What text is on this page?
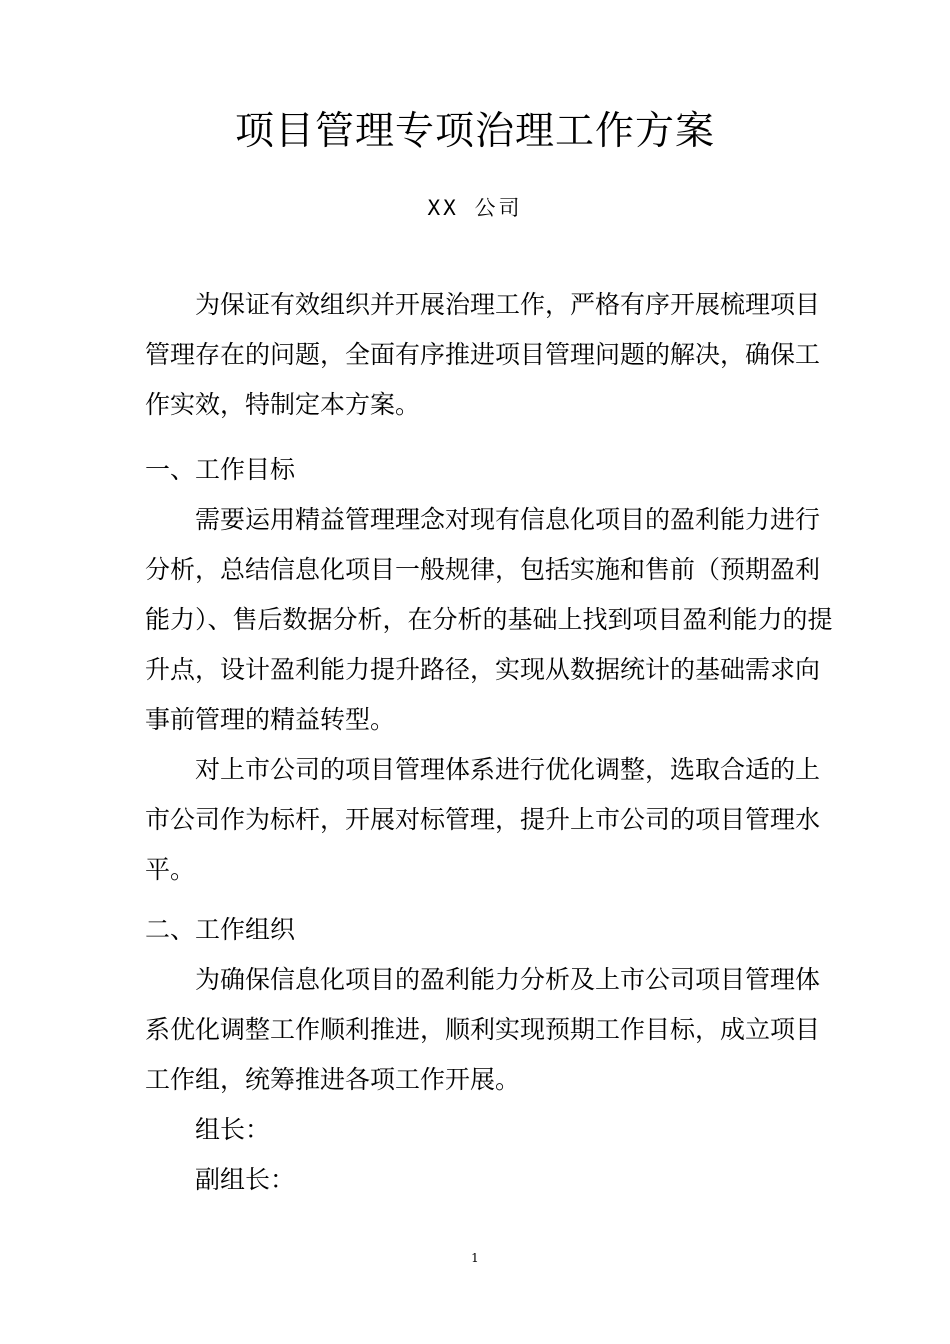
项目管理专项治理工作方案
XX 公司

为保证有效组织并开展治理工作，严格有序开展梳理项目管理存在的问题，全面有序推进项目管理问题的解决，确保工作实效，特制定本方案。

一、工作目标

需要运用精益管理理念对现有信息化项目的盈利能力进行分析，总结信息化项目一般规律，包括实施和售前（预期盈利能力）、售后数据分析，在分析的基础上找到项目盈利能力的提升点，设计盈利能力提升路径，实现从数据统计的基础需求向事前管理的精益转型。

对上市公司的项目管理体系进行优化调整，选取合适的上市公司作为标杆，开展对标管理，提升上市公司的项目管理水平。

二、工作组织

为确保信息化项目的盈利能力分析及上市公司项目管理体系优化调整工作顺利推进，顺利实现预期工作目标，成立项目工作组，统筹推进各项工作开展。

组长：

副组长：

1
